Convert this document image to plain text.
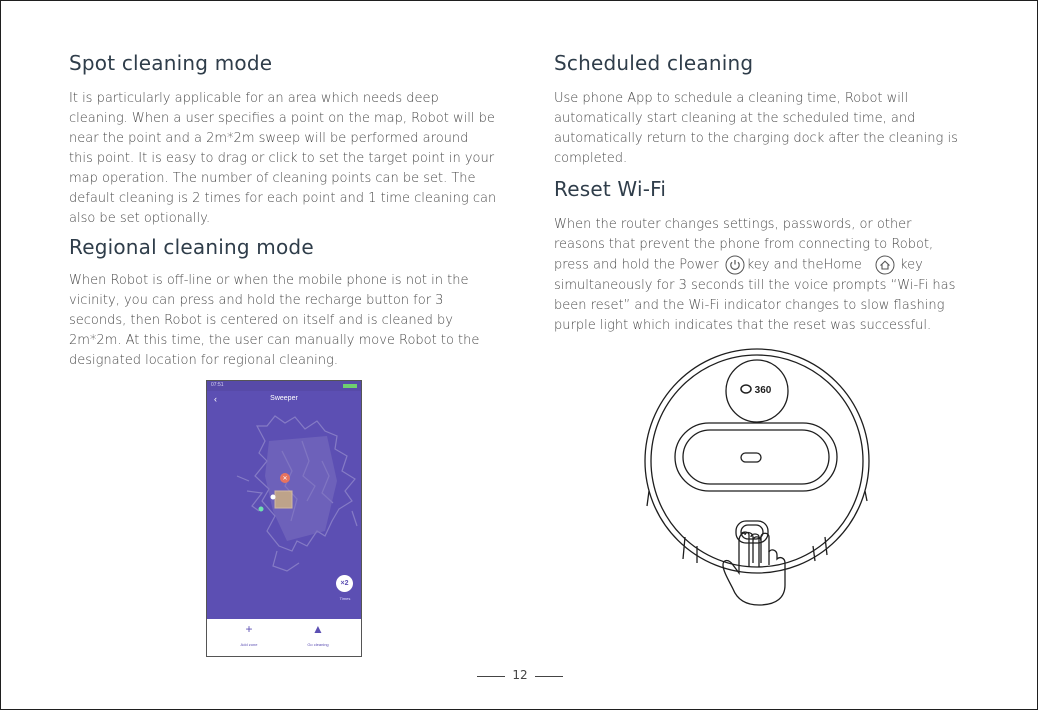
Spot cleaning mode
It is particularly applicable for an area which needs deep
cleaning. When a user specifies a point on the map, Robot will be
near the point and a 2m*2m sweep will be performed around
this point. It is easy to drag or click to set the target point in your
map operation. The number of cleaning points can be set. The
default cleaning is 2 times for each point and 1 time cleaning can
also be set optionally.
Regional cleaning mode
When Robot is off-line or when the mobile phone is not in the
vicinity, you can press and hold the recharge button for 3
seconds, then Robot is centered on itself and is cleaned by
2m*2m. At this time, the user can manually move Robot to the
designated location for regional cleaning.
Scheduled cleaning
Use phone App to schedule a cleaning time, Robot will
automatically start cleaning at the scheduled time, and
automatically return to the charging dock after the cleaning is
completed.
Reset Wi-Fi
When the router changes settings, passwords, or other
reasons that prevent the phone from connecting to Robot,
press and hold the Power key and theHome	key
simultaneously for 3 seconds till the voice prompts “Wi-Fi has
been reset” and the Wi-Fi indicator changes to slow flashing
purple light which indicates that the reset was successful.
07:51
‹	Sweeper
✕
×2
Times
+
Add zone
▲
Go cleaning
360
12
